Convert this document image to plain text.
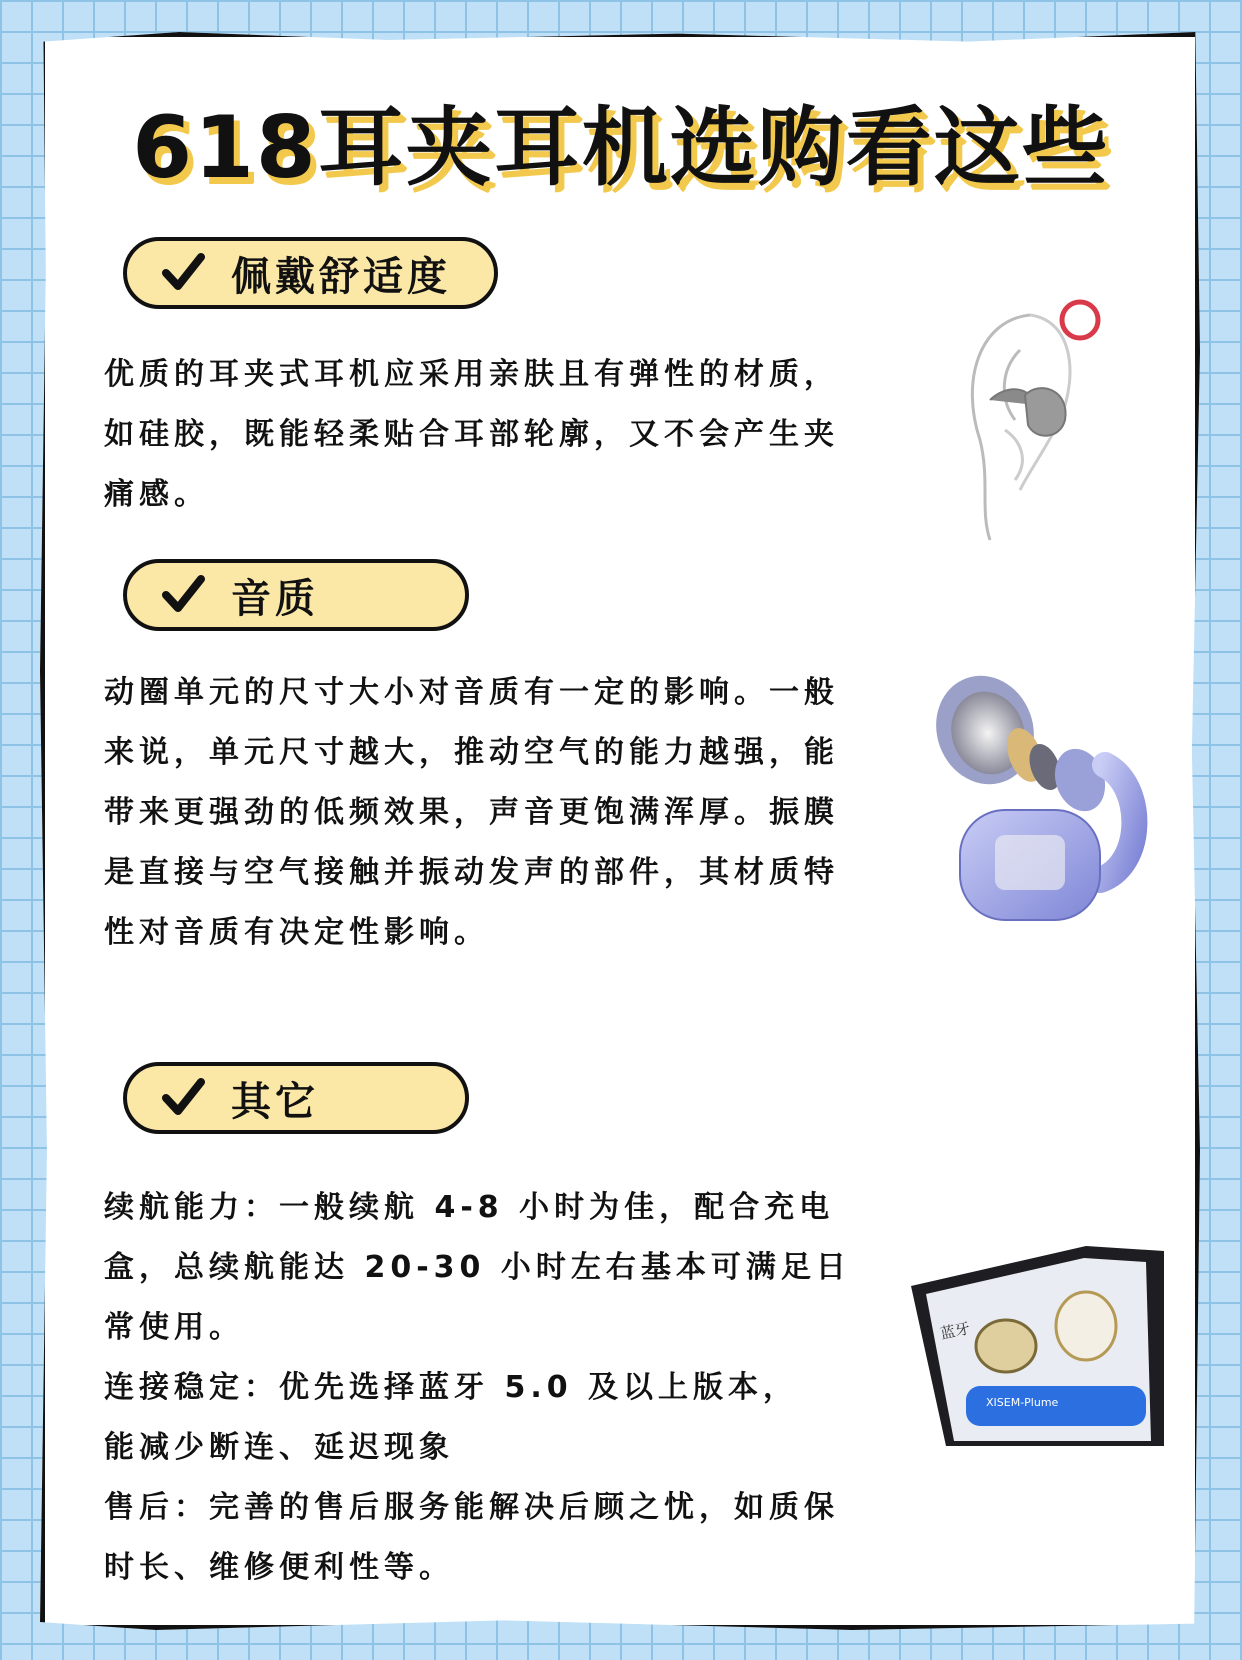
618耳夹耳机选购看这些
佩戴舒适度

优质的耳夹式耳机应采用亲肤且有弹性的材质，如硅胶，既能轻柔贴合耳部轮廓，又不会产生夹痛感。

音质

动圈单元的尺寸大小对音质有一定的影响。一般来说，单元尺寸越大，推动空气的能力越强，能带来更强劲的低频效果，声音更饱满浑厚。振膜是直接与空气接触并振动发声的部件，其材质特性对音质有决定性影响。

其它

续航能力：一般续航 4-8 小时为佳，配合充电盒，总续航能达 20-30 小时左右基本可满足日常使用。

连接稳定：优先选择蓝牙 5.0 及以上版本，能减少断连、延迟现象

售后：完善的售后服务能解决后顾之忧，如质保时长、维修便利性等。

蓝牙
XISEM-Plume
